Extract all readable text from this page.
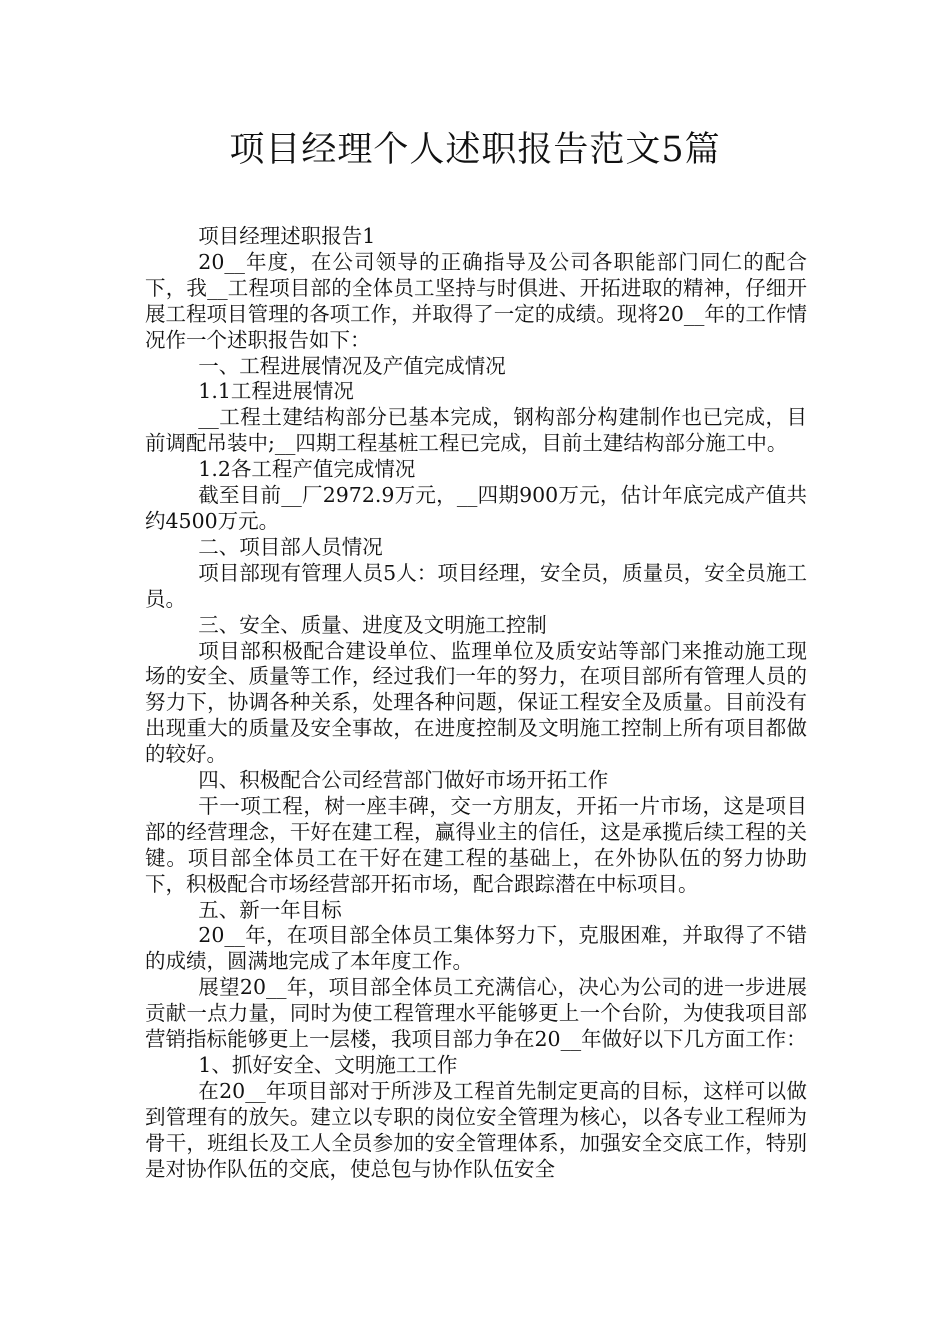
项目经理个人述职报告范文5篇

项目经理述职报告1

20__年度，在公司领导的正确指导及公司各职能部门同仁的配合下，我__工程项目部的全体员工坚持与时俱进、开拓进取的精神，仔细开展工程项目管理的各项工作，并取得了一定的成绩。现将20__年的工作情况作一个述职报告如下：

一、工程进展情况及产值完成情况

1.1工程进展情况

__工程土建结构部分已基本完成，钢构部分构建制作也已完成，目前调配吊装中;__四期工程基桩工程已完成，目前土建结构部分施工中。

1.2各工程产值完成情况

截至目前__厂2972.9万元，__四期900万元，估计年底完成产值共约4500万元。

二、项目部人员情况

项目部现有管理人员5人：项目经理，安全员，质量员，安全员施工员。

三、安全、质量、进度及文明施工控制

项目部积极配合建设单位、监理单位及质安站等部门来推动施工现场的安全、质量等工作，经过我们一年的努力，在项目部所有管理人员的努力下，协调各种关系，处理各种问题，保证工程安全及质量。目前没有出现重大的质量及安全事故，在进度控制及文明施工控制上所有项目都做的较好。

四、积极配合公司经营部门做好市场开拓工作

干一项工程，树一座丰碑，交一方朋友，开拓一片市场，这是项目部的经营理念，干好在建工程，赢得业主的信任，这是承揽后续工程的关键。项目部全体员工在干好在建工程的基础上，在外协队伍的努力协助下，积极配合市场经营部开拓市场，配合跟踪潜在中标项目。

五、新一年目标

20__年，在项目部全体员工集体努力下，克服困难，并取得了不错的成绩，圆满地完成了本年度工作。

展望20__年，项目部全体员工充满信心，决心为公司的进一步进展贡献一点力量，同时为使工程管理水平能够更上一个台阶，为使我项目部营销指标能够更上一层楼，我项目部力争在20__年做好以下几方面工作：

1、抓好安全、文明施工工作

在20__年项目部对于所涉及工程首先制定更高的目标，这样可以做到管理有的放矢。建立以专职的岗位安全管理为核心，以各专业工程师为骨干，班组长及工人全员参加的安全管理体系，加强安全交底工作，特别是对协作队伍的交底，使总包与协作队伍安全
